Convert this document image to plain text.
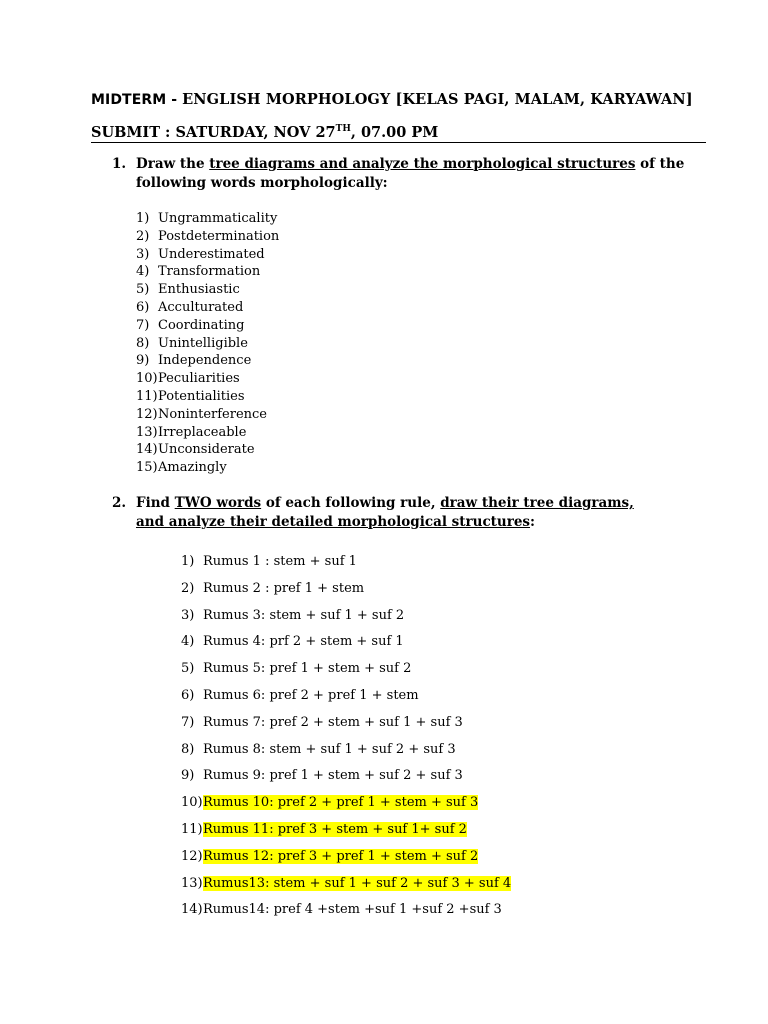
MIDTERM - ENGLISH MORPHOLOGY [KELAS PAGI, MALAM, KARYAWAN]
SUBMIT : SATURDAY, NOV 27TH, 07.00 PM
1. Draw the tree diagrams and analyze the morphological structures of the following words morphologically:
1) Ungrammaticality
2) Postdetermination
3) Underestimated
4) Transformation
5) Enthusiastic
6) Acculturated
7) Coordinating
8) Unintelligible
9) Independence
10)Peculiarities
11)Potentialities
12)Noninterference
13)Irreplaceable
14)Unconsiderate
15)Amazingly
2. Find TWO words of each following rule, draw their tree diagrams, and analyze their detailed morphological structures:
1) Rumus 1 : stem + suf 1
2) Rumus 2 : pref 1 + stem
3) Rumus 3: stem + suf 1 + suf 2
4) Rumus 4: prf 2 + stem + suf 1
5) Rumus 5: pref 1 + stem + suf 2
6) Rumus 6: pref 2 + pref 1 + stem
7) Rumus 7: pref 2 + stem + suf 1 + suf 3
8) Rumus 8: stem + suf 1 + suf 2 + suf 3
9) Rumus 9: pref 1 + stem + suf 2 + suf 3
10)Rumus 10: pref 2 + pref 1 + stem + suf 3
11)Rumus 11: pref 3 + stem + suf 1+ suf 2
12)Rumus 12: pref 3 + pref 1 + stem + suf 2
13)Rumus13: stem + suf 1 + suf 2 + suf 3 + suf 4
14)Rumus14: pref 4 +stem +suf 1 +suf 2 +suf 3
